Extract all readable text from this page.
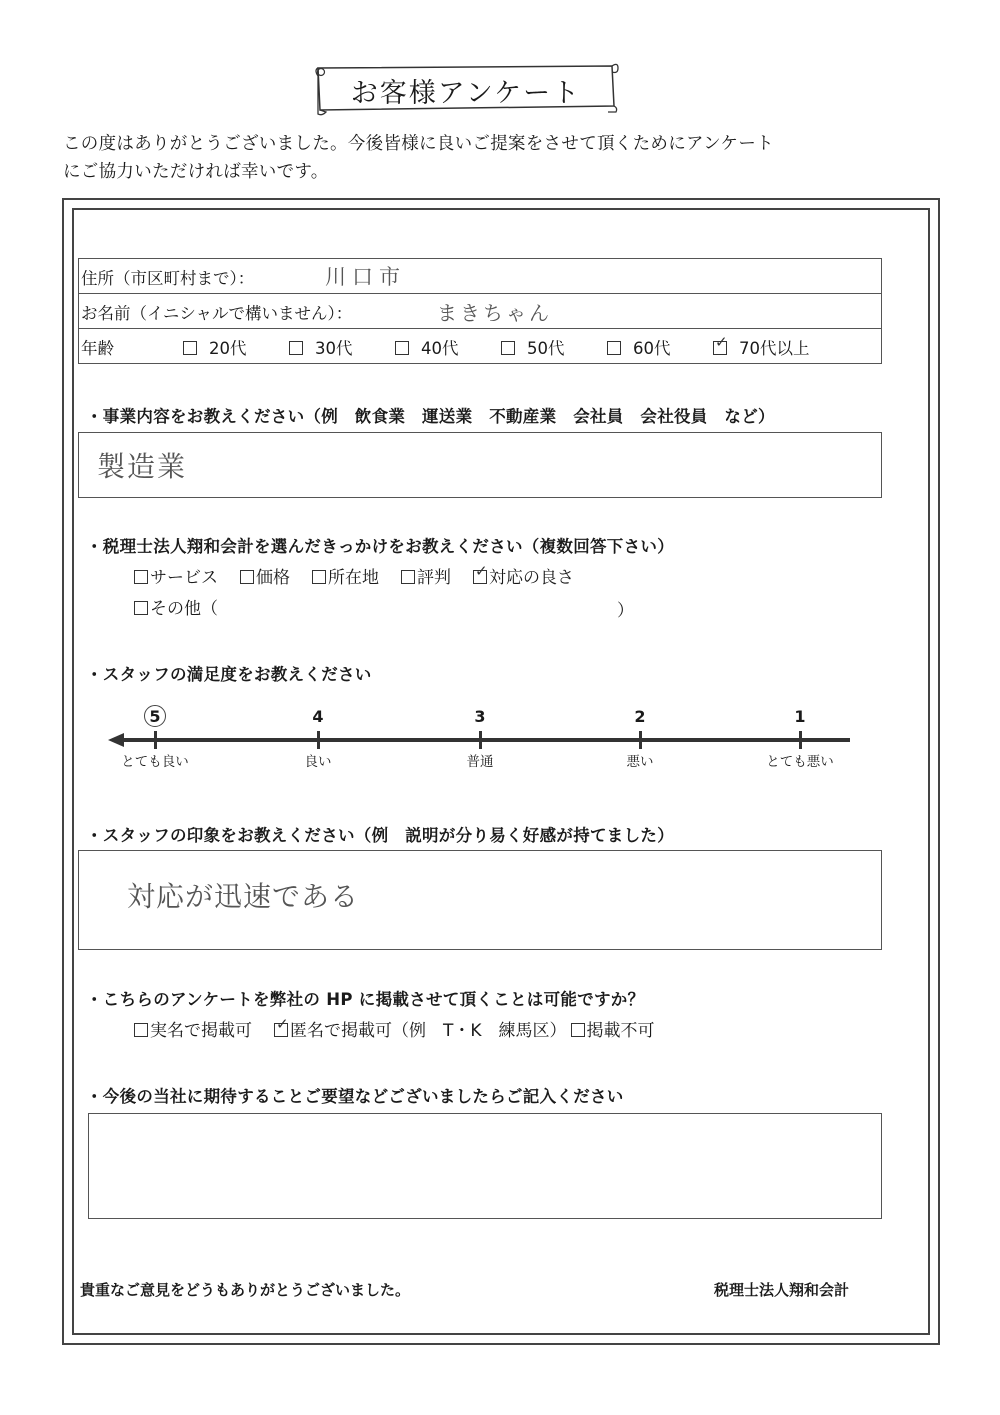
お客様アンケート
この度はありがとうございました。今後皆様に良いご提案をさせて頂くためにアンケート
にご協力いただければ幸いです。
住所（市区町村まで）：	川口市
お名前（イニシャルで構いません）：	まきちゃん
年齢	20代	30代	40代	50代	60代	✓ 70代以上
・事業内容をお教えください（例　飲食業　運送業　不動産業　会社員　会社役員　など）
製造業
・税理士法人翔和会計を選んだきっかけをお教えください（複数回答下さい）
サービス 価格 所在地 評判 ✓ 対応の良さ
その他（	）
・スタッフの満足度をお教えください
5
とても良い
4
良い
3
普通
2
悪い
1
とても悪い
・スタッフの印象をお教えください（例　説明が分り易く好感が持てました）
対応が迅速である
・こちらのアンケートを弊社の HP に掲載させて頂くことは可能ですか？
実名で掲載可 ✓ 匿名で掲載可（例　T・K　練馬区） 掲載不可
・今後の当社に期待することご要望などございましたらご記入ください
貴重なご意見をどうもありがとうございました。	税理士法人翔和会計
